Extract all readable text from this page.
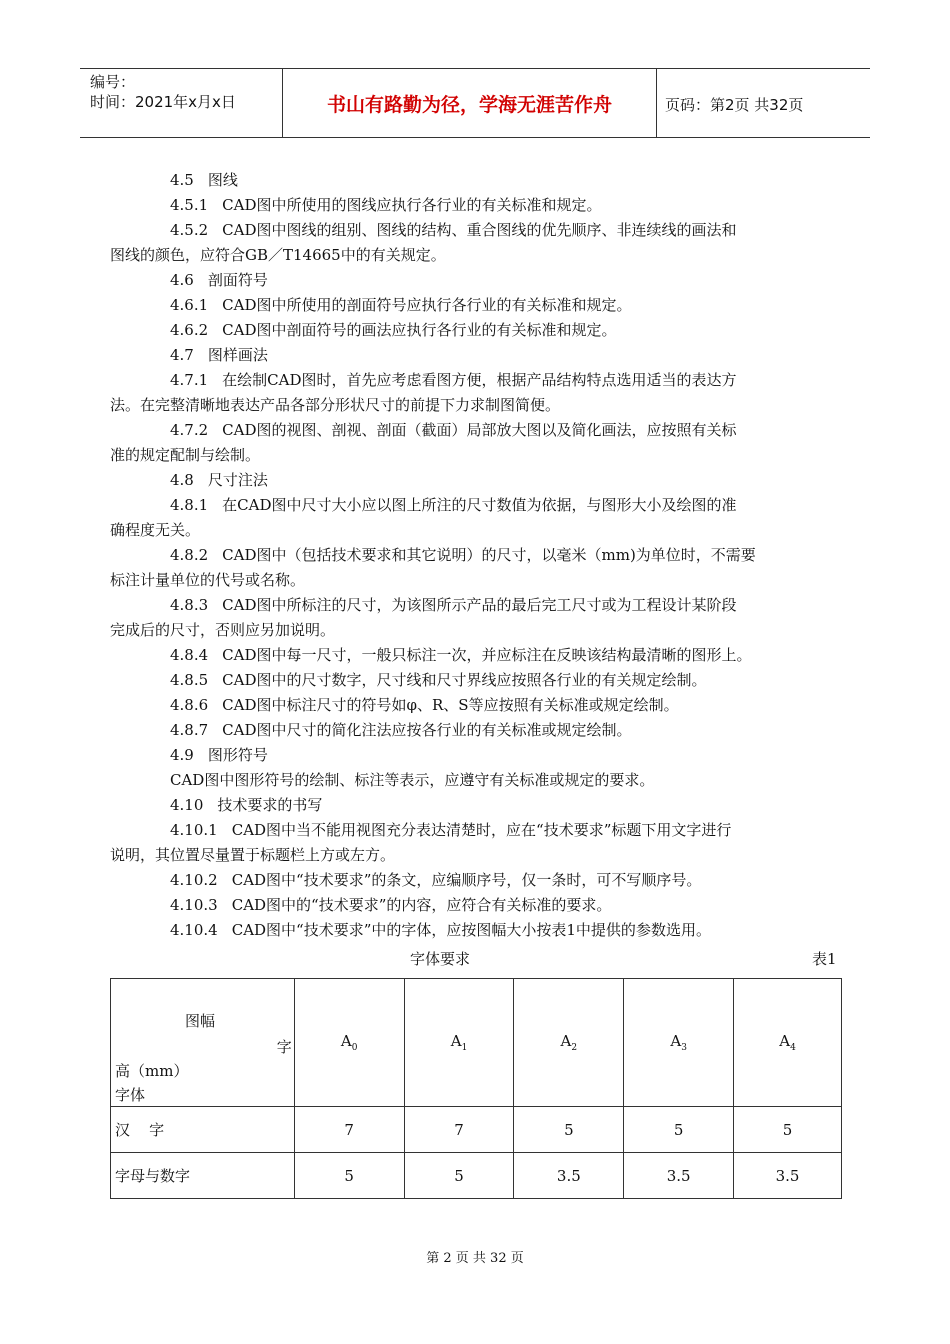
编号：
时间：2021年x月x日	书山有路勤为径，学海无涯苦作舟	页码：第2页 共32页

4.5 图线

4.5.1 CAD图中所使用的图线应执行各行业的有关标准和规定。

4.5.2 CAD图中图线的组别、图线的结构、重合图线的优先顺序、非连续线的画法和

图线的颜色，应符合GB／T14665中的有关规定。

4.6 剖面符号

4.6.1 CAD图中所使用的剖面符号应执行各行业的有关标准和规定。

4.6.2 CAD图中剖面符号的画法应执行各行业的有关标准和规定。

4.7 图样画法

4.7.1 在绘制CAD图时，首先应考虑看图方便，根据产品结构特点选用适当的表达方

法。在完整清晰地表达产品各部分形状尺寸的前提下力求制图简便。

4.7.2 CAD图的视图、剖视、剖面（截面）局部放大图以及简化画法，应按照有关标

准的规定配制与绘制。

4.8 尺寸注法

4.8.1 在CAD图中尺寸大小应以图上所注的尺寸数值为依据，与图形大小及绘图的准

确程度无关。

4.8.2 CAD图中（包括技术要求和其它说明）的尺寸，以毫米（mm)为单位时，不需要

标注计量单位的代号或名称。

4.8.3 CAD图中所标注的尺寸，为该图所示产品的最后完工尺寸或为工程设计某阶段

完成后的尺寸，否则应另加说明。

4.8.4 CAD图中每一尺寸，一般只标注一次，并应标注在反映该结构最清晰的图形上。

4.8.5 CAD图中的尺寸数字，尺寸线和尺寸界线应按照各行业的有关规定绘制。

4.8.6 CAD图中标注尺寸的符号如φ、R、S等应按照有关标准或规定绘制。

4.8.7 CAD图中尺寸的简化注法应按各行业的有关标准或规定绘制。

4.9 图形符号

CAD图中图形符号的绘制、标注等表示，应遵守有关标准或规定的要求。

4.10 技术要求的书写

4.10.1 CAD图中当不能用视图充分表达清楚时，应在“技术要求”标题下用文字进行

说明，其位置尽量置于标题栏上方或左方。

4.10.2 CAD图中“技术要求”的条文，应编顺序号，仅一条时，可不写顺序号。

4.10.3 CAD图中的“技术要求”的内容，应符合有关标准的要求。

4.10.4 CAD图中“技术要求”中的字体，应按图幅大小按表1中提供的参数选用。

字体要求	表1
图幅
字
高（mm）
字体	$A_0$	$A_1$	$A_2$	$A_3$	$A_4$
汉    字	7	7	5	5	5
字母与数字	5	5	3.5	3.5	3.5
第 2 页 共 32 页
